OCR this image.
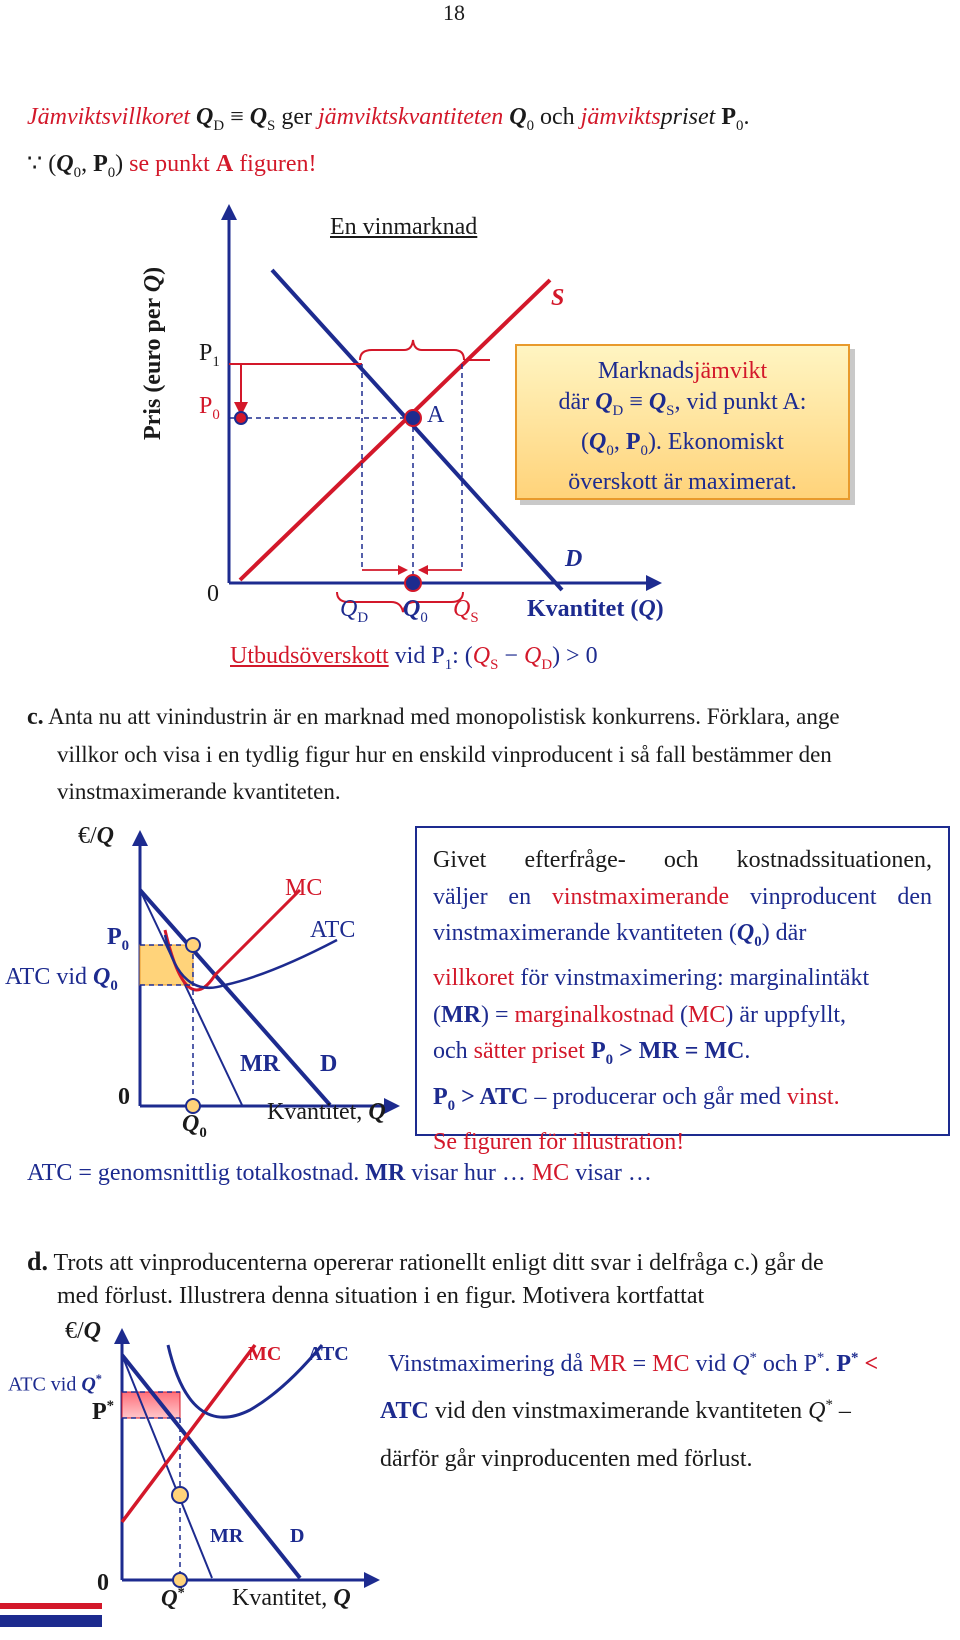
18
Jämviktsvillkoret $Q_D \equiv Q_S$ ger jämviktskvantiteten $Q_0$ och jämviktspriset $P_0$.
∵ ($Q_0$, $P_0$) se punkt A figuren!
En vinmarknad
Pris (euro per Q)
$P_1$
$P_0$
0
S
D
A
$Q_D$ $Q_0$ $Q_S$ Kvantitet (Q)
Utbudsöverskott vid $P_1$: $(Q_S - Q_D) > 0$
Marknadsjämvikt
där $Q_D \equiv Q_S$, vid punkt A:
($Q_0$, $P_0$). Ekonomiskt
överskott är maximerat.
c. Anta nu att vinindustrin är en marknad med monopolistisk konkurrens. Förklara, ange
villkor och visa i en tydlig figur hur en enskild vinproducent i så fall bestämmer den
vinstmaximerande kvantiteten.
€/Q
$P_0$
ATC vid $Q_0$
0
MC
ATC
MR D
$Q_0$
Kvantitet, Q
Givet efterfråge- och kostnadssituationen,
väljer en vinstmaximerande vinproducent den
vinstmaximerande kvantiteten $(Q_0)$ där
villkoret för vinstmaximering: marginalintäkt
(MR) = marginalkostnad (MC) är uppfyllt,
och sätter priset $P_0$ > MR = MC.
$P_0$ > ATC – producerar och går med vinst.
Se figuren för illustration!
ATC = genomsnittlig totalkostnad. MR visar hur … MC visar …
d. Trots att vinproducenterna opererar rationellt enligt ditt svar i delfråga c.) går de
med förlust. Illustrera denna situation i en figur. Motivera kortfattat
€/Q
ATC vid Q*
P*
MC ATC
MR D
0
Q* Kvantitet, Q
Vinstmaximering då MR = MC vid Q* och P*. P* <
ATC vid den vinstmaximerande kvantiteten Q* –
därför går vinproducenten med förlust.
